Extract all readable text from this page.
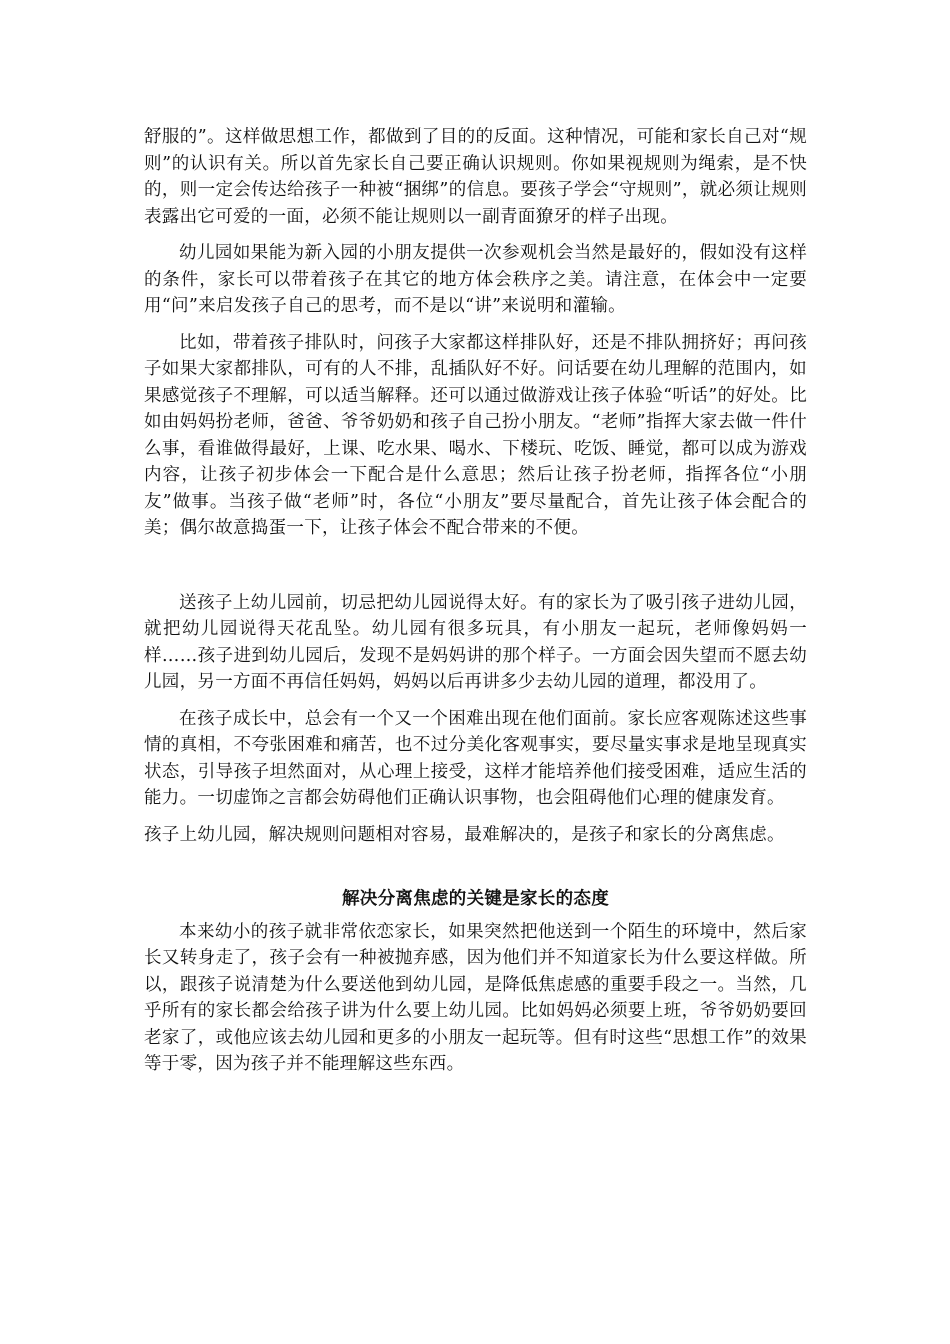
舒服的”。这样做思想工作，都做到了目的的反面。这种情况，可能和家长自己对“规则”的认识有关。所以首先家长自己要正确认识规则。你如果视规则为绳索，是不快的，则一定会传达给孩子一种被“捆绑”的信息。要孩子学会“守规则”，就必须让规则表露出它可爱的一面，必须不能让规则以一副青面獠牙的样子出现。

幼儿园如果能为新入园的小朋友提供一次参观机会当然是最好的，假如没有这样的条件，家长可以带着孩子在其它的地方体会秩序之美。请注意，在体会中一定要用“问”来启发孩子自己的思考，而不是以“讲”来说明和灌输。

比如，带着孩子排队时，问孩子大家都这样排队好，还是不排队拥挤好；再问孩子如果大家都排队，可有的人不排，乱插队好不好。问话要在幼儿理解的范围内，如果感觉孩子不理解，可以适当解释。还可以通过做游戏让孩子体验“听话”的好处。比如由妈妈扮老师，爸爸、爷爷奶奶和孩子自己扮小朋友。“老师”指挥大家去做一件什么事，看谁做得最好，上课、吃水果、喝水、下楼玩、吃饭、睡觉，都可以成为游戏内容，让孩子初步体会一下配合是什么意思；然后让孩子扮老师，指挥各位“小朋友”做事。当孩子做“老师”时，各位“小朋友”要尽量配合，首先让孩子体会配合的美；偶尔故意捣蛋一下，让孩子体会不配合带来的不便。

送孩子上幼儿园前，切忌把幼儿园说得太好。有的家长为了吸引孩子进幼儿园，就把幼儿园说得天花乱坠。幼儿园有很多玩具，有小朋友一起玩，老师像妈妈一样……孩子进到幼儿园后，发现不是妈妈讲的那个样子。一方面会因失望而不愿去幼儿园，另一方面不再信任妈妈，妈妈以后再讲多少去幼儿园的道理，都没用了。

在孩子成长中，总会有一个又一个困难出现在他们面前。家长应客观陈述这些事情的真相，不夸张困难和痛苦，也不过分美化客观事实，要尽量实事求是地呈现真实状态，引导孩子坦然面对，从心理上接受，这样才能培养他们接受困难，适应生活的能力。一切虚饰之言都会妨碍他们正确认识事物，也会阻碍他们心理的健康发育。

孩子上幼儿园，解决规则问题相对容易，最难解决的，是孩子和家长的分离焦虑。

解决分离焦虑的关键是家长的态度

本来幼小的孩子就非常依恋家长，如果突然把他送到一个陌生的环境中，然后家长又转身走了，孩子会有一种被抛弃感，因为他们并不知道家长为什么要这样做。所以，跟孩子说清楚为什么要送他到幼儿园，是降低焦虑感的重要手段之一。当然，几乎所有的家长都会给孩子讲为什么要上幼儿园。比如妈妈必须要上班，爷爷奶奶要回老家了，或他应该去幼儿园和更多的小朋友一起玩等。但有时这些“思想工作”的效果等于零，因为孩子并不能理解这些东西。
